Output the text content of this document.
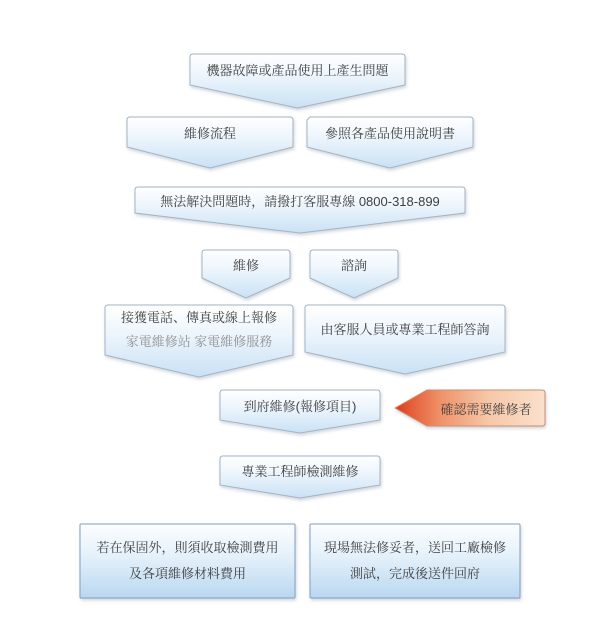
機器故障或產品使用上產生問題
維修流程	參照各產品使用說明書
無法解決問題時，請撥打客服專線 0800-318-899
維修	諮詢
接獲電話、傳真或線上報修
家電維修站 家電維修服務
由客服人員或專業工程師答詢
到府維修(報修項目)	確認需要維修者
專業工程師檢測維修
若在保固外，則須收取檢測費用
及各項維修材料費用
現場無法修妥者，送回工廠檢修
測試，完成後送件回府
